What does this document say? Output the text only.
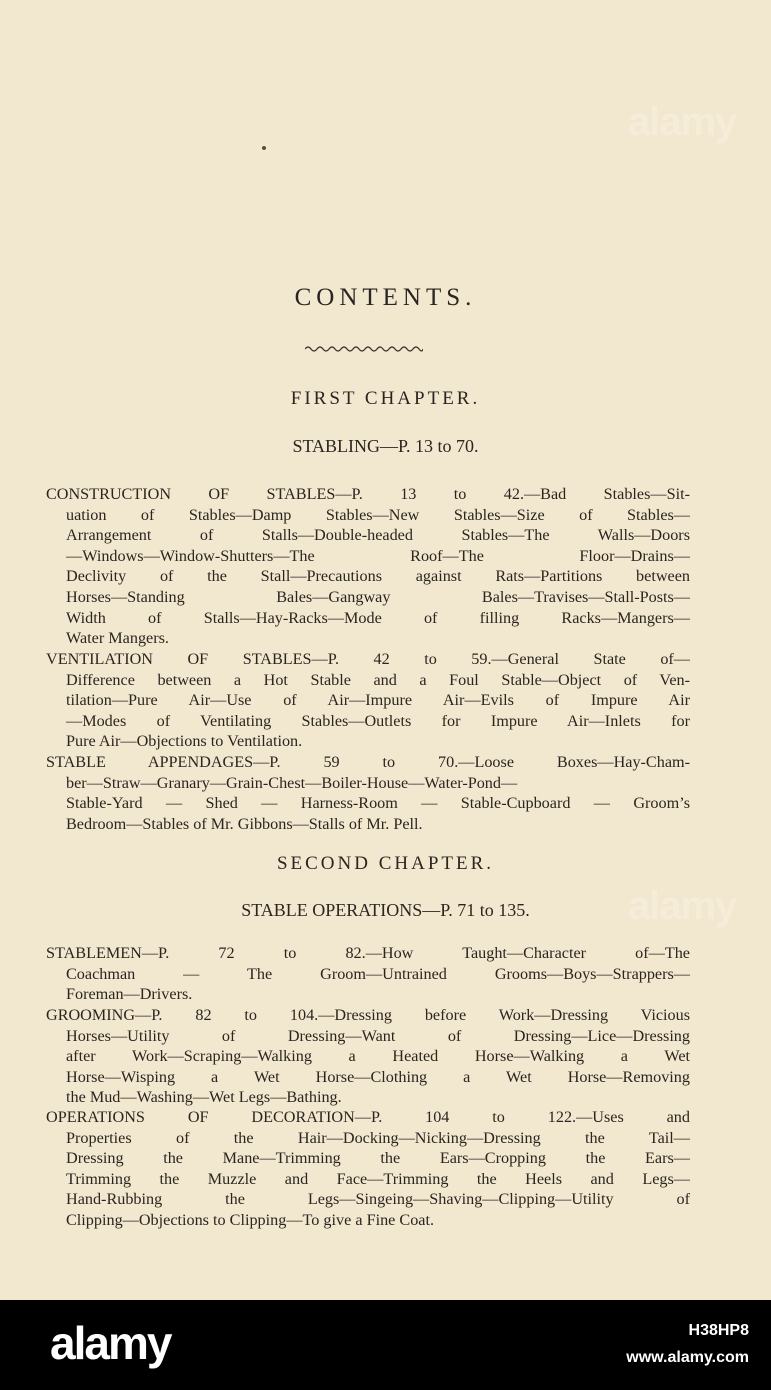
alamy
alamy
CONTENTS.
FIRST CHAPTER.
STABLING—P. 13 to 70.
CONSTRUCTION OF STABLES—P. 13 to 42.—Bad Stables—Sit-
uation of Stables—Damp Stables—New Stables—Size of Stables—
Arrangement of Stalls—Double-headed Stables—The Walls—Doors
—Windows—Window-Shutters—The Roof—The Floor—Drains—
Declivity of the Stall—Precautions against Rats—Partitions between
Horses—Standing Bales—Gangway Bales—Travises—Stall-Posts—
Width of Stalls—Hay-Racks—Mode of filling Racks—Mangers—
Water Mangers.
VENTILATION OF STABLES—P. 42 to 59.—General State of—
Difference between a Hot Stable and a Foul Stable—Object of Ven-
tilation—Pure Air—Use of Air—Impure Air—Evils of Impure Air
—Modes of Ventilating Stables—Outlets for Impure Air—Inlets for
Pure Air—Objections to Ventilation.
STABLE APPENDAGES—P. 59 to 70.—Loose Boxes—Hay-Cham-
ber—Straw—Granary—Grain-Chest—Boiler-House—Water-Pond—
Stable-Yard — Shed — Harness-Room — Stable-Cupboard — Groom’s
Bedroom—Stables of Mr. Gibbons—Stalls of Mr. Pell.
SECOND CHAPTER.
STABLE OPERATIONS—P. 71 to 135.
STABLEMEN—P. 72 to 82.—How Taught—Character of—The
Coachman — The Groom—Untrained Grooms—Boys—Strappers—
Foreman—Drivers.
GROOMING—P. 82 to 104.—Dressing before Work—Dressing Vicious
Horses—Utility of Dressing—Want of Dressing—Lice—Dressing
after Work—Scraping—Walking a Heated Horse—Walking a Wet
Horse—Wisping a Wet Horse—Clothing a Wet Horse—Removing
the Mud—Washing—Wet Legs—Bathing.
OPERATIONS OF DECORATION—P. 104 to 122.—Uses and
Properties of the Hair—Docking—Nicking—Dressing the Tail—
Dressing the Mane—Trimming the Ears—Cropping the Ears—
Trimming the Muzzle and Face—Trimming the Heels and Legs—
Hand-Rubbing the Legs—Singeing—Shaving—Clipping—Utility of
Clipping—Objections to Clipping—To give a Fine Coat.
alamy	H38HP8
www.alamy.com
